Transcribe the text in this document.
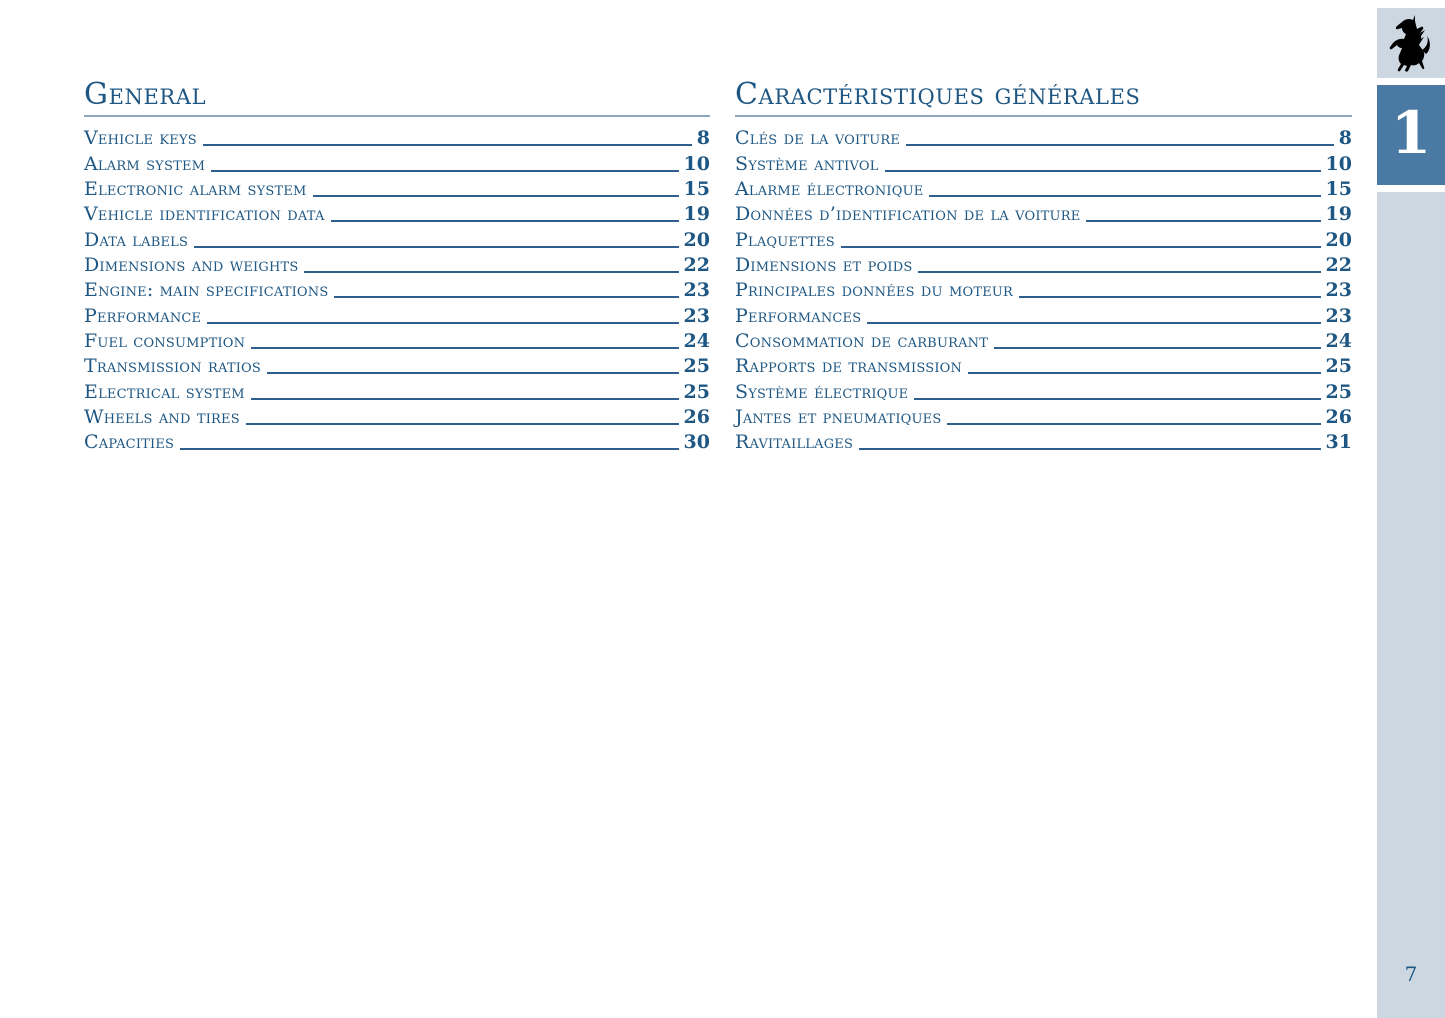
General
Vehicle keys	8
Alarm system	10
Electronic alarm system	15
Vehicle identification data	19
Data labels	20
Dimensions and weights	22
Engine: main specifications	23
Performance	23
Fuel consumption	24
Transmission ratios	25
Electrical system	25
Wheels and tires	26
Capacities	30
Caractéristiques générales
Clés de la voiture	8
Système antivol	10
Alarme électronique	15
Données d’identification de la voiture	19
Plaquettes	20
Dimensions et poids	22
Principales données du moteur	23
Performances	23
Consommation de carburant	24
Rapports de transmission	25
Système électrique	25
Jantes et pneumatiques	26
Ravitaillages	31
1
7
